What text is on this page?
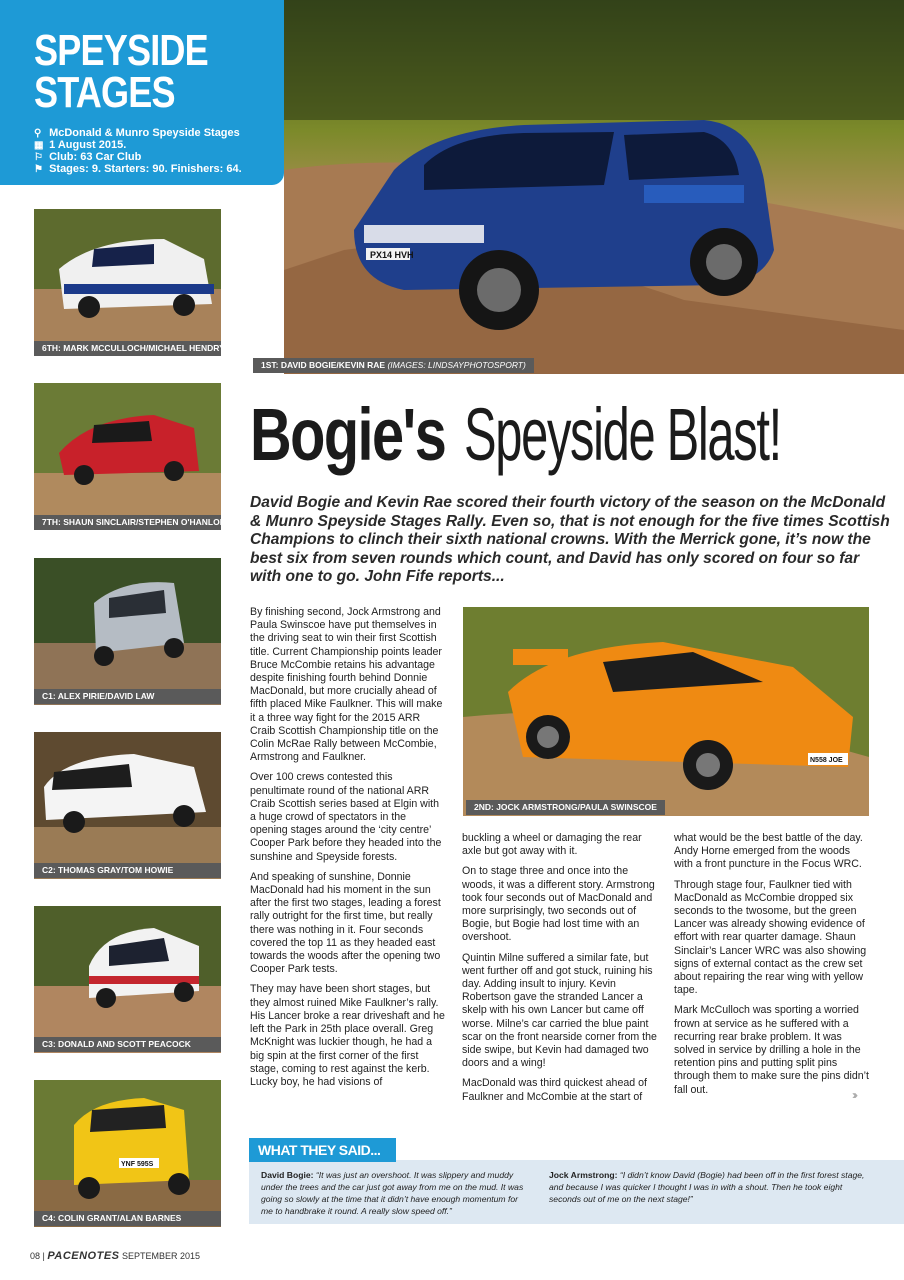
SPEYSIDE
STAGES
⚲ McDonald & Munro Speyside Stages
▦ 1 August 2015.
⚐ Club: 63 Car Club
⚑ Stages: 9. Starters: 90. Finishers: 64.
PX14 HVH
1ST: DAVID BOGIE/KEVIN RAE (IMAGES: LINDSAYPHOTOSPORT)
6TH: MARK MCCULLOCH/MICHAEL HENDRY
7TH: SHAUN SINCLAIR/STEPHEN O'HANLON
C1: ALEX PIRIE/DAVID LAW
C2: THOMAS GRAY/TOM HOWIE
C3: DONALD AND SCOTT PEACOCK
YNF 595S
C4: COLIN GRANT/ALAN BARNES
Bogie's Speyside Blast!
David Bogie and Kevin Rae scored their fourth victory of the season on the McDonald & Munro Speyside Stages Rally. Even so, that is not enough for the five times Scottish Champions to clinch their sixth national crowns. With the Merrick gone, it’s now the best six from seven rounds which count, and David has only scored on four so far with one to go. John Fife reports...
N558 JOE
2ND: JOCK ARMSTRONG/PAULA SWINSCOE

By finishing second, Jock Armstrong and Paula Swinscoe have put themselves in the driving seat to win their first Scottish title. Current Championship points leader Bruce McCombie retains his advantage despite finishing fourth behind Donnie MacDonald, but more crucially ahead of fifth placed Mike Faulkner. This will make it a three way fight for the 2015 ARR Craib Scottish Championship title on the Colin McRae Rally between McCombie, Armstrong and Faulkner.

Over 100 crews contested this penultimate round of the national ARR Craib Scottish series based at Elgin with a huge crowd of spectators in the opening stages around the ‘city centre’ Cooper Park before they headed into the sunshine and Speyside forests.

And speaking of sunshine, Donnie MacDonald had his moment in the sun after the first two stages, leading a forest rally outright for the first time, but really there was nothing in it. Four seconds covered the top 11 as they headed east towards the woods after the opening two Cooper Park tests.

They may have been short stages, but they almost ruined Mike Faulkner’s rally. His Lancer broke a rear driveshaft and he left the Park in 25th place overall. Greg McKnight was luckier though, he had a big spin at the first corner of the first stage, coming to rest against the kerb. Lucky boy, he had visions of

buckling a wheel or damaging the rear axle but got away with it.

On to stage three and once into the woods, it was a different story. Armstrong took four seconds out of MacDonald and more surprisingly, two seconds out of Bogie, but Bogie had lost time with an overshoot.

Quintin Milne suffered a similar fate, but went further off and got stuck, ruining his day. Adding insult to injury. Kevin Robertson gave the stranded Lancer a skelp with his own Lancer but came off worse. Milne’s car carried the blue paint scar on the front nearside corner from the side swipe, but Kevin had damaged two doors and a wing!

MacDonald was third quickest ahead of Faulkner and McCombie at the start of

what would be the best battle of the day. Andy Horne emerged from the woods with a front puncture in the Focus WRC.

Through stage four, Faulkner tied with MacDonald as McCombie dropped six seconds to the twosome, but the green Lancer was already showing evidence of effort with rear quarter damage. Shaun Sinclair’s Lancer WRC was also showing signs of external contact as the crew set about repairing the rear wing with yellow tape.

Mark McCulloch was sporting a worried frown at service as he suffered with a recurring rear brake problem. It was solved in service by drilling a hole in the retention pins and putting split pins through them to make sure the pins didn’t fall out.	›››
WHAT THEY SAID...
David Bogie: “It was just an overshoot. It was slippery and muddy under the trees and the car just got away from me on the mud. It was going so slowly at the time that it didn’t have enough momentum for me to handbrake it round. A really slow speed off.”
Jock Armstrong: “I didn’t know David (Bogie) had been off in the first forest stage, and because I was quicker I thought I was in with a shout. Then he took eight seconds out of me on the next stage!”
08 | PACENOTES SEPTEMBER 2015
